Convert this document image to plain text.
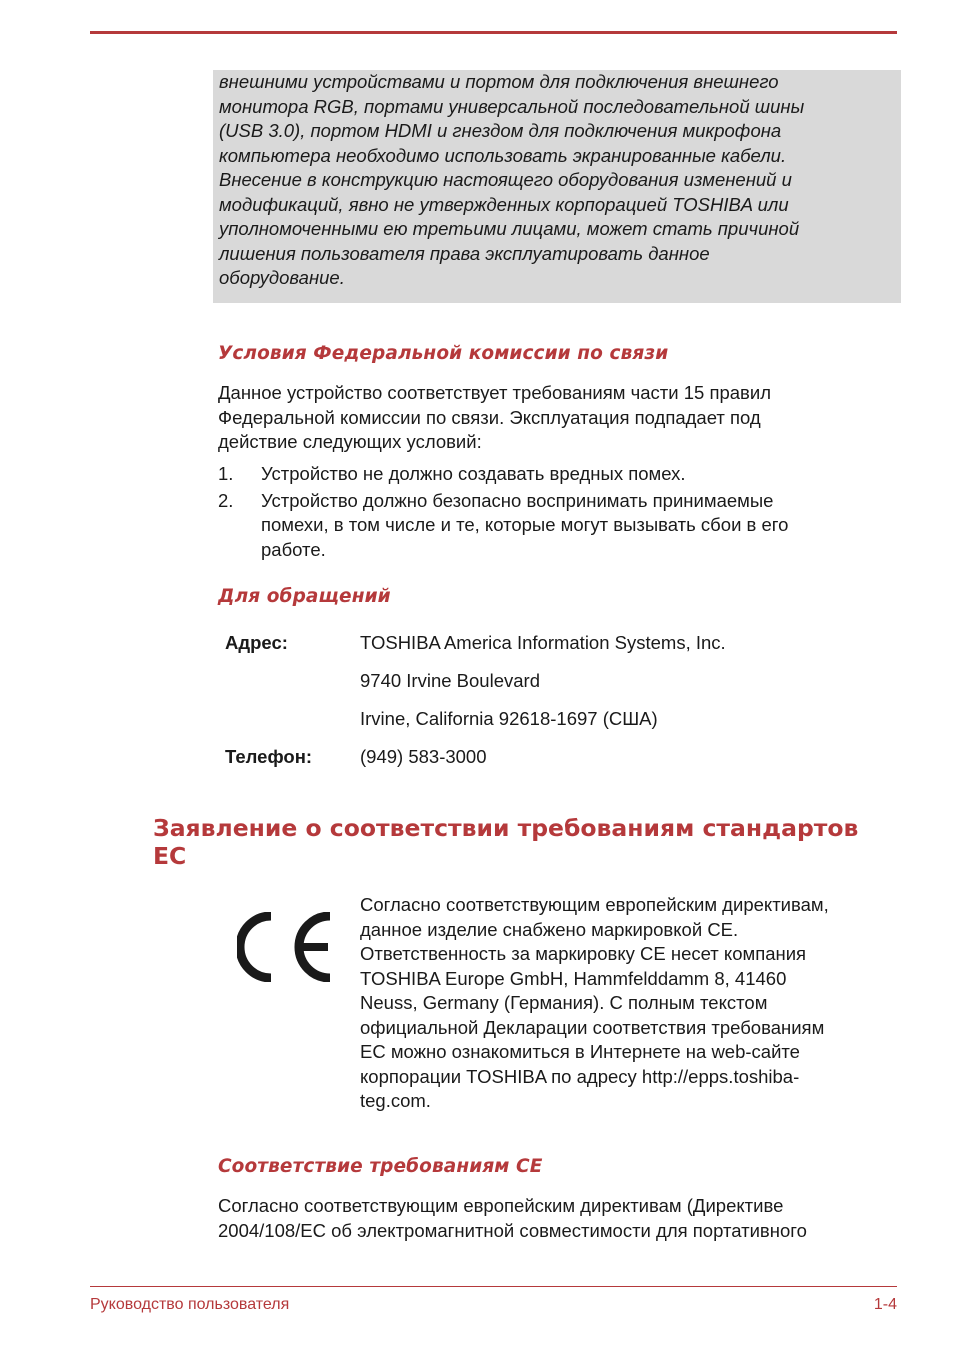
внешними устройствами и портом для подключения внешнего

монитора RGB, портами универсальной последовательной шины

(USB 3.0), портом HDMI и гнездом для подключения микрофона

компьютера необходимо использовать экранированные кабели.

Внесение в конструкцию настоящего оборудования изменений и

модификаций, явно не утвержденных корпорацией TOSHIBA или

уполномоченными ею третьими лицами, может стать причиной

лишения пользователя права эксплуатировать данное

оборудование.

Условия Федеральной комиссии по связи
Данное устройство соответствует требованиям части 15 правил
Федеральной комиссии по связи. Эксплуатация подпадает под
действие следующих условий:
1. Устройство не должно создавать вредных помех.
2. Устройство должно безопасно воспринимать принимаемые
помехи, в том числе и те, которые могут вызывать сбои в его
работе.
Для обращений

Адрес:	TOSHIBA America Information Systems, Inc.

9740 Irvine Boulevard

Irvine, California 92618-1697 (США)

Телефон:	(949) 583-3000

Заявление о соответствии требованиям стандартов
ЕС
Согласно соответствующим европейским директивам,
данное изделие снабжено маркировкой CE.
Ответственность за маркировку CE несет компания
TOSHIBA Europe GmbH, Hammfelddamm 8, 41460
Neuss, Germany (Германия). С полным текстом
официальной Декларации соответствия требованиям
ЕС можно ознакомиться в Интернете на web-сайте
корпорации TOSHIBA по адресу http://epps.toshiba-
teg.com.
Соответствие требованиям CE
Согласно соответствующим европейским директивам (Директиве
2004/108/ЕС об электромагнитной совместимости для портативного

Руководство пользователя	1-4
